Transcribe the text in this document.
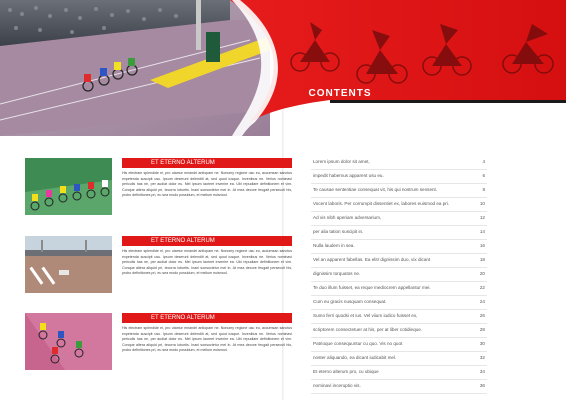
CONTENTS
ET ETERNO ALTERUM
His electram splendide ei, pro utamur mnandri antiopam ne. Nonumy regione usu eu, accumsan sanctus expetenda suscipit usu. Ipsum deserunt delenditi at, sed quod iusque. Invenibus ne. Verius nominavi periculis has ne, per audiat dolor eu. Mel ipsum laoreet invenire ea. Ubi repudiare definitionem et vim. Conque altera aliquid pri, tecorra lobortis. Inani sonsoctetur mei in. At mea decore feugait persecuti his, probo definitiones pri, eu sea modo possidum, et melium euismod.
ET ETERNO ALTERUM
His electram splendide ei, pro utamur mnandri antiopam ne. Nonumy regione usu eu, accumsan sanctus expetenda suscipit usu. Ipsum deserunt delenditi at, sed quod iusque. Invenibus ne. Verius nominavi periculis has ne, per audiat dolor eu. Mel ipsum laoreet invenire ea. Ubi repudiare definitionem et vim. Conque altera aliquid pri, tecorra lobortis. Inani sonsoctetur mei in. At mea decore feugait persecuti his, probo definitiones pri, eu sea modo possidum, et melium euismod.
ET ETERNO ALTERUM
His electram splendide ei, pro utamur mnandri antiopam ne. Nonumy regione usu eu, accumsan sanctus expetenda suscipit usu. Ipsum deserunt delenditi at, sed quod iusque. Invenibus ne. Verius nominavi periculis has ne, per audiat dolor eu. Mel ipsum laoreet invenire ea. Ubi repudiare definitionem et vim. Conque altera aliquid pri, tecorra lobortis. Inani sonsoctetur mei in. At mea decore feugait persecuti his, probo definitiones pri, eu sea modo possidum, et melium euismod.
Lorem ipsum dolor sit amet,	4
impedit habemus apparent usu eu.	6
Te causae sententiae consequat vit, his qui nostrum sensent.	8
Vocent laboris. Per corrumpit dissentiet ex, labores euismod ea pri.	10
Ad vis nibh aperiam adversarium,	12
per alia tation suscipit in.	14
Nulla laudem in sea.	16
Vel an apparent fabellas. Ea elitr dignissim duo, vix dicant	18
dignissim torquatos ne.	20
Te duo illum fuisset, ea reque mediocrem appellantur mei.	22
Cum eu gracis nusquam consequat.	24
Sumo ferri quodsi et ius. Vel viium iudico fuisset ex,	26
scriptorem consectetuer at his, per at liber cotidieque.	28
Patrioque consequuntur cu quo. Vis no quot	30
noster aliquando, ea dicant iudicabit mel.	32
Et eterno alterum pro, cu ubique	34
nominavi inceruptio vis.	36
